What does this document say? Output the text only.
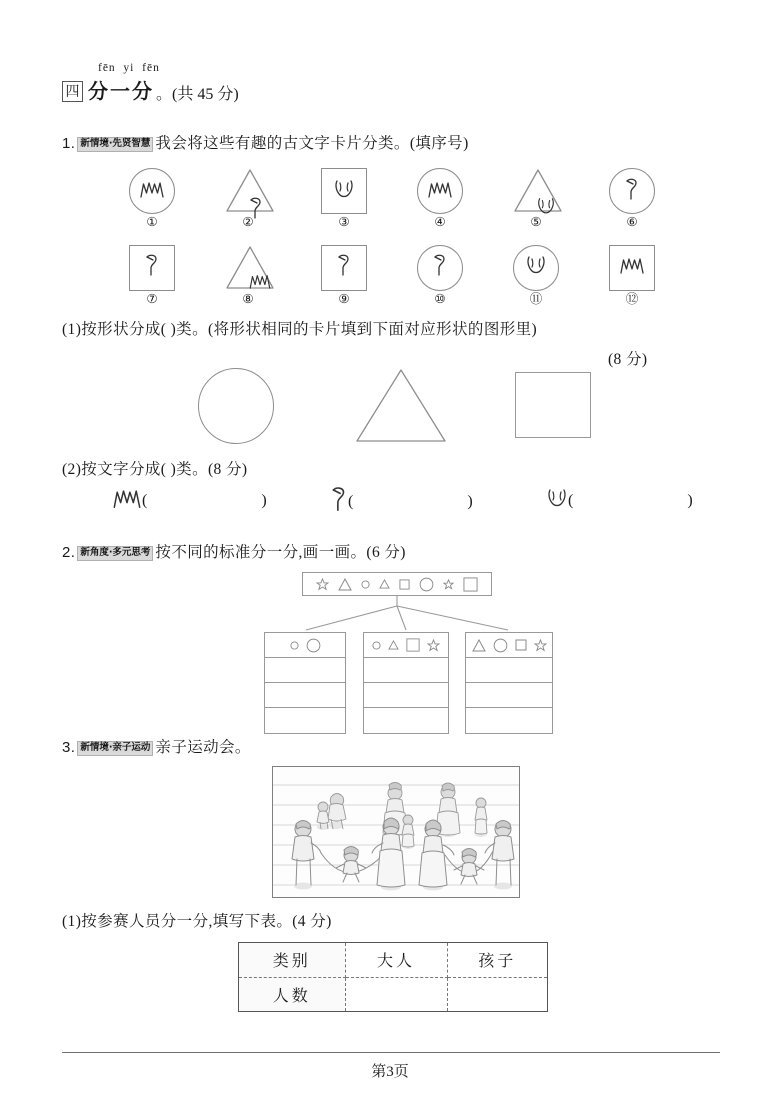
fēn  yi  fēn
四 分一分 。(共 45 分)
1. 新情境·先贤智慧 我会将这些有趣的古文字卡片分类。(填序号)
①	②	③	④	⑤	⑥
⑦	⑧	⑨	⑩	⑪	⑫
(1)按形状分成( )类。(将形状相同的卡片填到下面对应形状的图形里)
(8 分)
(2)按文字分成( )类。(8 分)
(	)	(	)	(	)
2. 新角度·多元思考 按不同的标准分一分,画一画。(6 分)
3. 新情境·亲子运动 亲子运动会。
(1)按参赛人员分一分,填写下表。(4 分)
类别	大人	孩子
人数		
第3页
